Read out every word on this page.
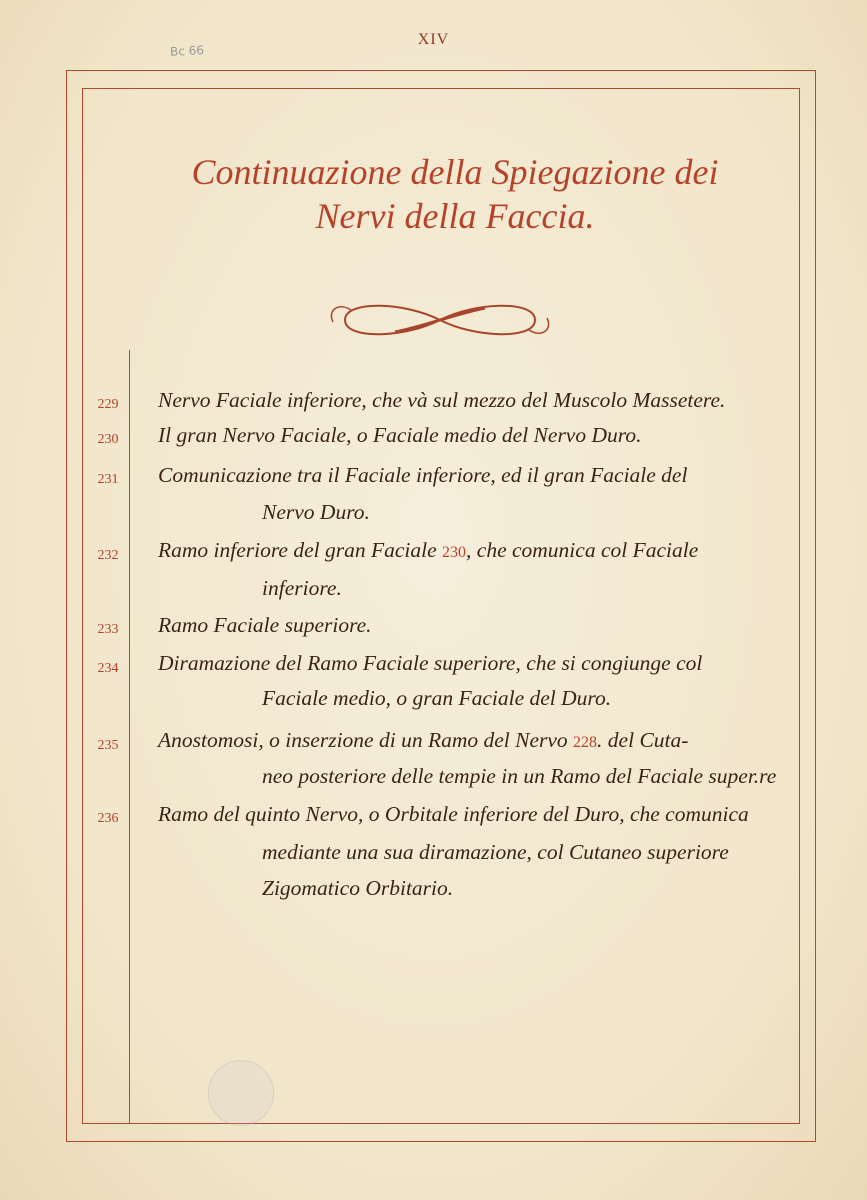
Bc 66
XIV
Continuazione della Spiegazione dei
Nervi della Faccia.
229	Nervo Faciale inferiore, che và sul mezzo del Muscolo Massetere.
230	Il gran Nervo Faciale, o Faciale medio del Nervo Duro.
231	Comunicazione tra il Faciale inferiore, ed il gran Faciale del
Nervo Duro.
232	Ramo inferiore del gran Faciale 230, che comunica col Faciale
inferiore.
233	Ramo Faciale superiore.
234	Diramazione del Ramo Faciale superiore, che si congiunge col
Faciale medio, o gran Faciale del Duro.
235	Anostomosi, o inserzione di un Ramo del Nervo 228. del Cuta-
neo posteriore delle tempie in un Ramo del Faciale super.re
236	Ramo del quinto Nervo, o Orbitale inferiore del Duro, che comunica
mediante una sua diramazione, col Cutaneo superiore
Zigomatico Orbitario.
